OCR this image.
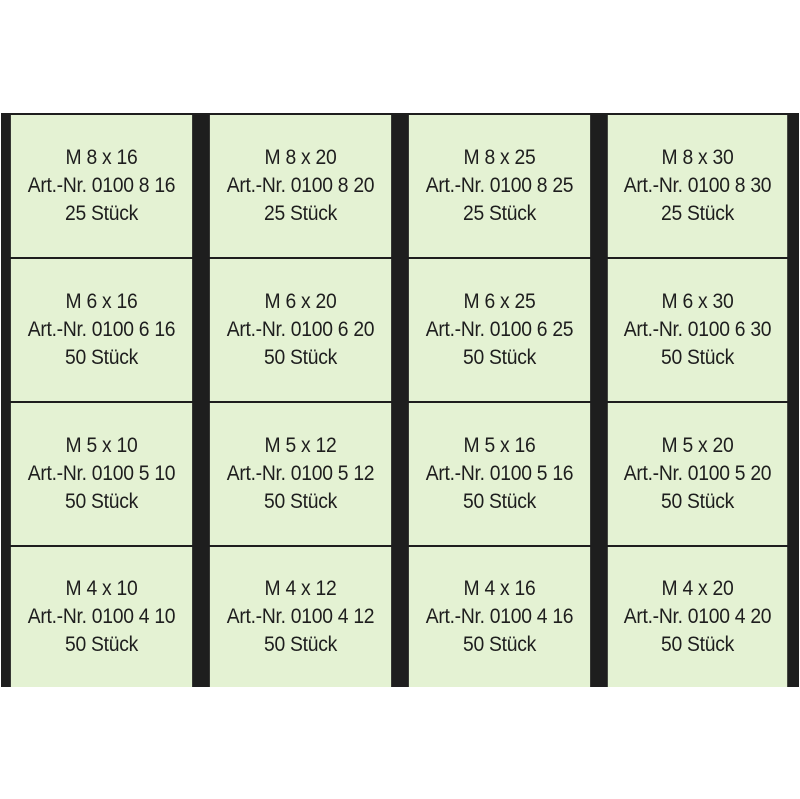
M 8 x 16
Art.-Nr. 0100 8 16
25 Stück
M 8 x 20
Art.-Nr. 0100 8 20
25 Stück
M 8 x 25
Art.-Nr. 0100 8 25
25 Stück
M 8 x 30
Art.-Nr. 0100 8 30
25 Stück
M 6 x 16
Art.-Nr. 0100 6 16
50 Stück
M 6 x 20
Art.-Nr. 0100 6 20
50 Stück
M 6 x 25
Art.-Nr. 0100 6 25
50 Stück
M 6 x 30
Art.-Nr. 0100 6 30
50 Stück
M 5 x 10
Art.-Nr. 0100 5 10
50 Stück
M 5 x 12
Art.-Nr. 0100 5 12
50 Stück
M 5 x 16
Art.-Nr. 0100 5 16
50 Stück
M 5 x 20
Art.-Nr. 0100 5 20
50 Stück
M 4 x 10
Art.-Nr. 0100 4 10
50 Stück
M 4 x 12
Art.-Nr. 0100 4 12
50 Stück
M 4 x 16
Art.-Nr. 0100 4 16
50 Stück
M 4 x 20
Art.-Nr. 0100 4 20
50 Stück
